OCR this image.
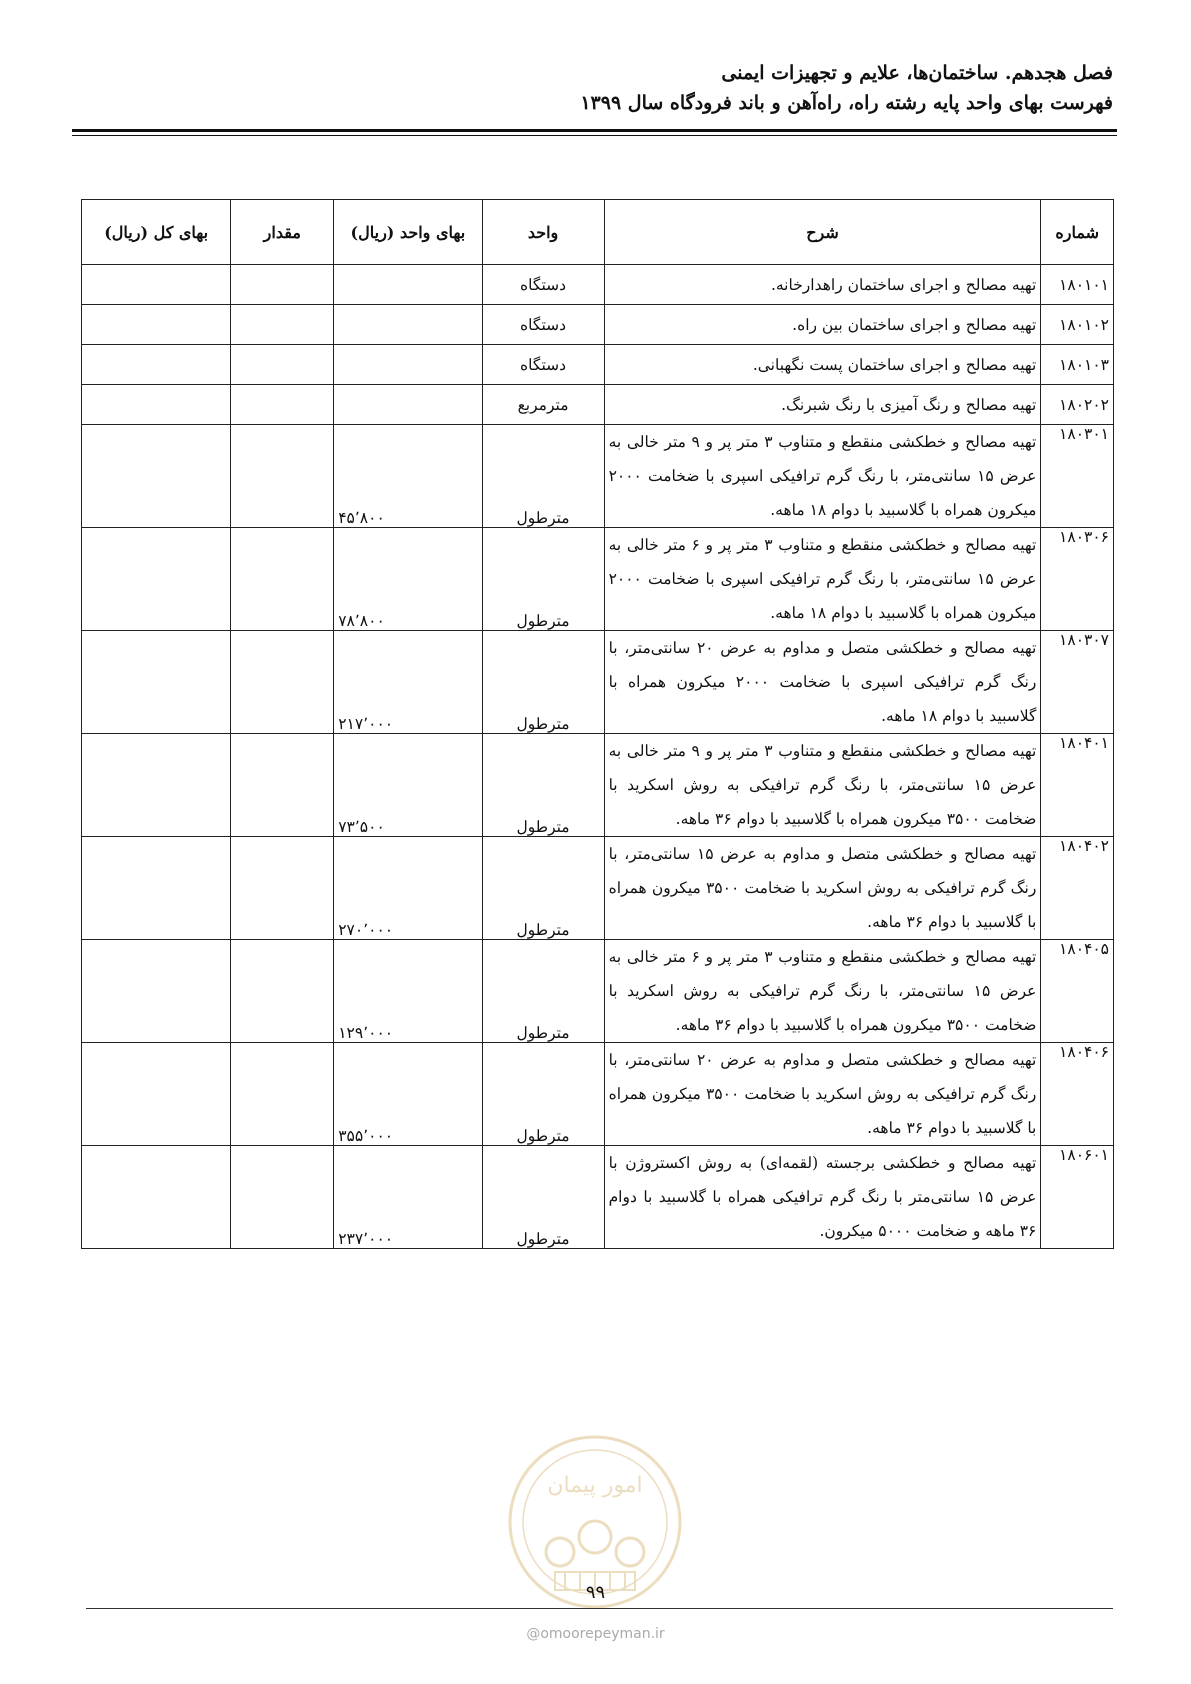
فصل هجدهم. ساختمان‌ها، علایم و تجهیزات ایمنی
فهرست بهای واحد پایه رشته راه، راه‌آهن و باند فرودگاه سال ۱۳۹۹
شماره	شرح	واحد	بهای واحد (ریال)	مقدار	بهای کل (ریال)
۱۸۰۱۰۱	تهیه مصالح و اجرای ساختمان راهدارخانه.	دستگاه			
۱۸۰۱۰۲	تهیه مصالح و اجرای ساختمان بین راه.	دستگاه			
۱۸۰۱۰۳	تهیه مصالح و اجرای ساختمان پست نگهبانی.	دستگاه			
۱۸۰۲۰۲	تهیه مصالح و رنگ آمیزی با رنگ شبرنگ.	مترمربع			
۱۸۰۳۰۱	تهیه مصالح و خطکشی منقطع و متناوب ۳ متر پر و ۹ متر خالی به عرض ۱۵ سانتی‌متر، با رنگ گرم ترافیکی اسپری با ضخامت ۲۰۰۰ میکرون همراه با گلاسبید با دوام ۱۸ ماهه.	مترطول	۴۵٬۸۰۰		
۱۸۰۳۰۶	تهیه مصالح و خطکشی منقطع و متناوب ۳ متر پر و ۶ متر خالی به عرض ۱۵ سانتی‌متر، با رنگ گرم ترافیکی اسپری با ضخامت ۲۰۰۰ میکرون همراه با گلاسبید با دوام ۱۸ ماهه.	مترطول	۷۸٬۸۰۰		
۱۸۰۳۰۷	تهیه مصالح و خطکشی متصل و مداوم به عرض ۲۰ سانتی‌متر، با رنگ گرم ترافیکی اسپری با ضخامت ۲۰۰۰ میکرون همراه با گلاسبید با دوام ۱۸ ماهه.	مترطول	۲۱۷٬۰۰۰		
۱۸۰۴۰۱	تهیه مصالح و خطکشی منقطع و متناوب ۳ متر پر و ۹ متر خالی به عرض ۱۵ سانتی‌متر، با رنگ گرم ترافیکی به روش اسکرید با ضخامت ۳۵۰۰ میکرون همراه با گلاسبید با دوام ۳۶ ماهه.	مترطول	۷۳٬۵۰۰		
۱۸۰۴۰۲	تهیه مصالح و خطکشی متصل و مداوم به عرض ۱۵ سانتی‌متر، با رنگ گرم ترافیکی به روش اسکرید با ضخامت ۳۵۰۰ میکرون همراه با گلاسبید با دوام ۳۶ ماهه.	مترطول	۲۷۰٬۰۰۰		
۱۸۰۴۰۵	تهیه مصالح و خطکشی منقطع و متناوب ۳ متر پر و ۶ متر خالی به عرض ۱۵ سانتی‌متر، با رنگ گرم ترافیکی به روش اسکرید با ضخامت ۳۵۰۰ میکرون همراه با گلاسبید با دوام ۳۶ ماهه.	مترطول	۱۲۹٬۰۰۰		
۱۸۰۴۰۶	تهیه مصالح و خطکشی متصل و مداوم به عرض ۲۰ سانتی‌متر، با رنگ گرم ترافیکی به روش اسکرید با ضخامت ۳۵۰۰ میکرون همراه با گلاسبید با دوام ۳۶ ماهه.	مترطول	۳۵۵٬۰۰۰		
۱۸۰۶۰۱	تهیه مصالح و خطکشی برجسته (لقمه‌ای) به روش اکستروژن با عرض ۱۵ سانتی‌متر با رنگ گرم ترافیکی همراه با گلاسبید با دوام ۳۶ ماهه و ضخامت ۵۰۰۰ میکرون.	مترطول	۲۳۷٬۰۰۰		
امور پیمان
۹۹
@omoorepeyman.ir
